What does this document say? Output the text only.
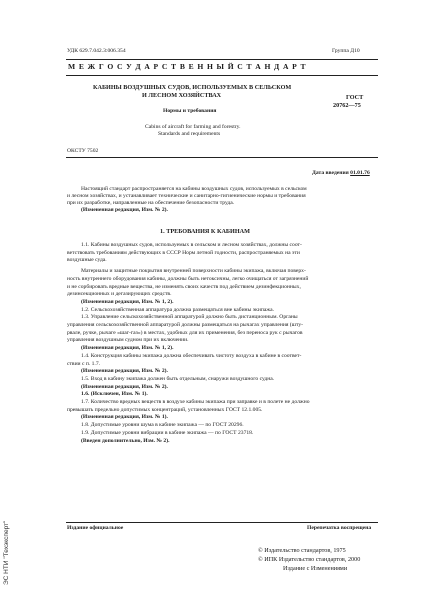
УДК 629.7.042.3:006.354	Группа Д10
М Е Ж Г О С У Д А Р С Т В Е Н Н Ы Й С Т А Н Д А Р Т
КАБИНЫ ВОЗДУШНЫХ СУДОВ, ИСПОЛЬЗУЕМЫХ В СЕЛЬСКОМ
И ЛЕСНОМ ХОЗЯЙСТВАХ
Нормы и требования
ГОСТ
20762—75
Cabins of aircraft for farming and forestry.
Standards and requirements
ОКСТУ 7502
Дата введения 01.01.76
Настоящий стандарт распространяется на кабины воздушных судов, используемых в сельском
и лесном хозяйствах, и устанавливает технические и санитарно-гигиенические нормы и требования
при их разработке, направленные на обеспечение безопасности труда.
(Измененная редакция, Изм. № 2).
1. ТРЕБОВАНИЯ К КАБИНАМ
1.1. Кабины воздушных судов, используемых в сельском и лесном хозяйствах, должны соот-
ветствовать требованиям действующих в СССР Норм летной годности, распространяемых на эти
воздушные суда.
Материалы и защитные покрытия внутренней поверхности кабины экипажа, включая поверх-
ность внутреннего оборудования кабины, должны быть нетоксичны, легко очищаться от загрязнений
и не сорбировать вредные вещества, не изменять своих качеств под действием дезинфекционных,
дезинсекционных и дегазирующих средств.
(Измененная редакция, Изм. № 1, 2).
1.2. Сельскохозяйственная аппаратура должна размещаться вне кабины экипажа.
1.3. Управление сельскохозяйственной аппаратурой должно быть дистанционным. Органы
управления сельскохозяйственной аппаратурой должны размещаться на рычагах управления (шту-
рвале, ручке, рычаге «шаг-газ») в местах, удобных для их применения, без переноса рук с рычагов
управления воздушным судном при их включении.
(Измененная редакция, Изм. № 1, 2).
1.4. Конструкция кабины экипажа должна обеспечивать чистоту воздуха в кабине в соответ-
ствии с п. 1.7.
(Измененная редакция, Изм. № 2).
1.5. Вход в кабину экипажа должен быть отдельным, снаружи воздушного судна.
(Измененная редакция, Изм. № 2).
1.6. (Исключен, Изм. № 1).
1.7. Количество вредных веществ в воздухе кабины экипажа при заправке и в полете не должно
превышать предельно допустимых концентраций, установленных ГОСТ 12.1.005.
(Измененная редакция, Изм. № 1).
1.8. Допустимые уровни шума в кабине экипажа — по ГОСТ 20296.
1.9. Допустимые уровни вибрации в кабине экипажа — по ГОСТ 23718.
(Введен дополнительно, Изм. № 2).
Издание официальное	Перепечатка воспрещена
© Издательство стандартов, 1975
© ИПК Издательство стандартов, 2000
Издание с Изменениями
ЭС НТИ "Техэксперт"
